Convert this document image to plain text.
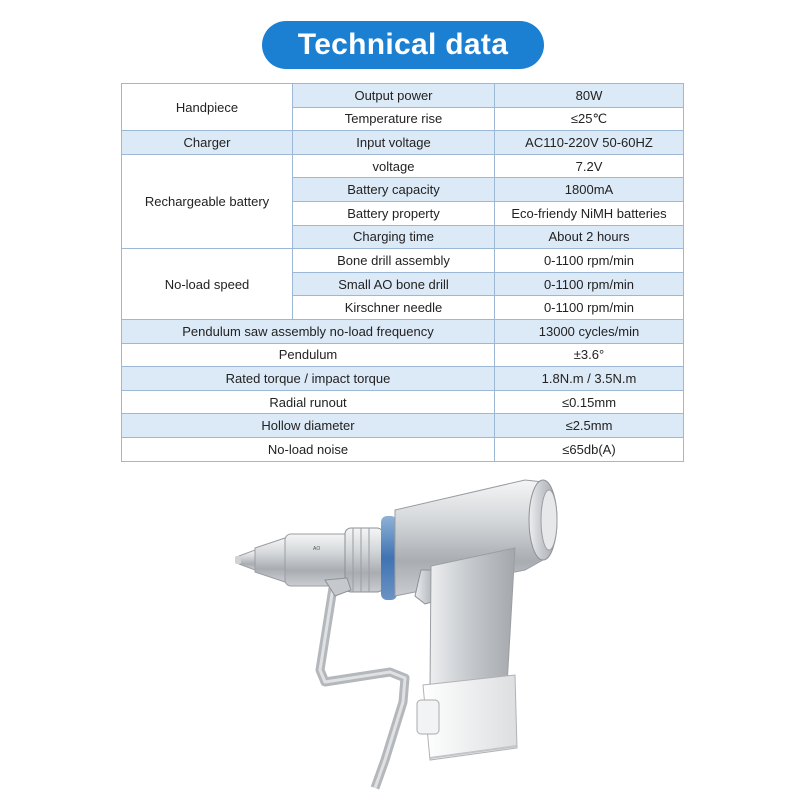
Technical data
Handpiece	Output power	80W
	Temperature rise	≤25℃
Charger	Input voltage	AC110-220V 50-60HZ
Rechargeable battery	voltage	7.2V
	Battery capacity	1800mA
	Battery property	Eco-friendy NiMH batteries
	Charging time	About 2 hours
No-load speed	Bone drill assembly	0-1100 rpm/min
	Small AO bone drill	0-1100 rpm/min
	Kirschner needle	0-1100 rpm/min
Pendulum saw assembly no-load frequency		13000 cycles/min
Pendulum		±3.6°
Rated torque / impact torque		1.8N.m / 3.5N.m
Radial runout		≤0.15mm
Hollow diameter		≤2.5mm
No-load noise		≤65db(A)
AO
